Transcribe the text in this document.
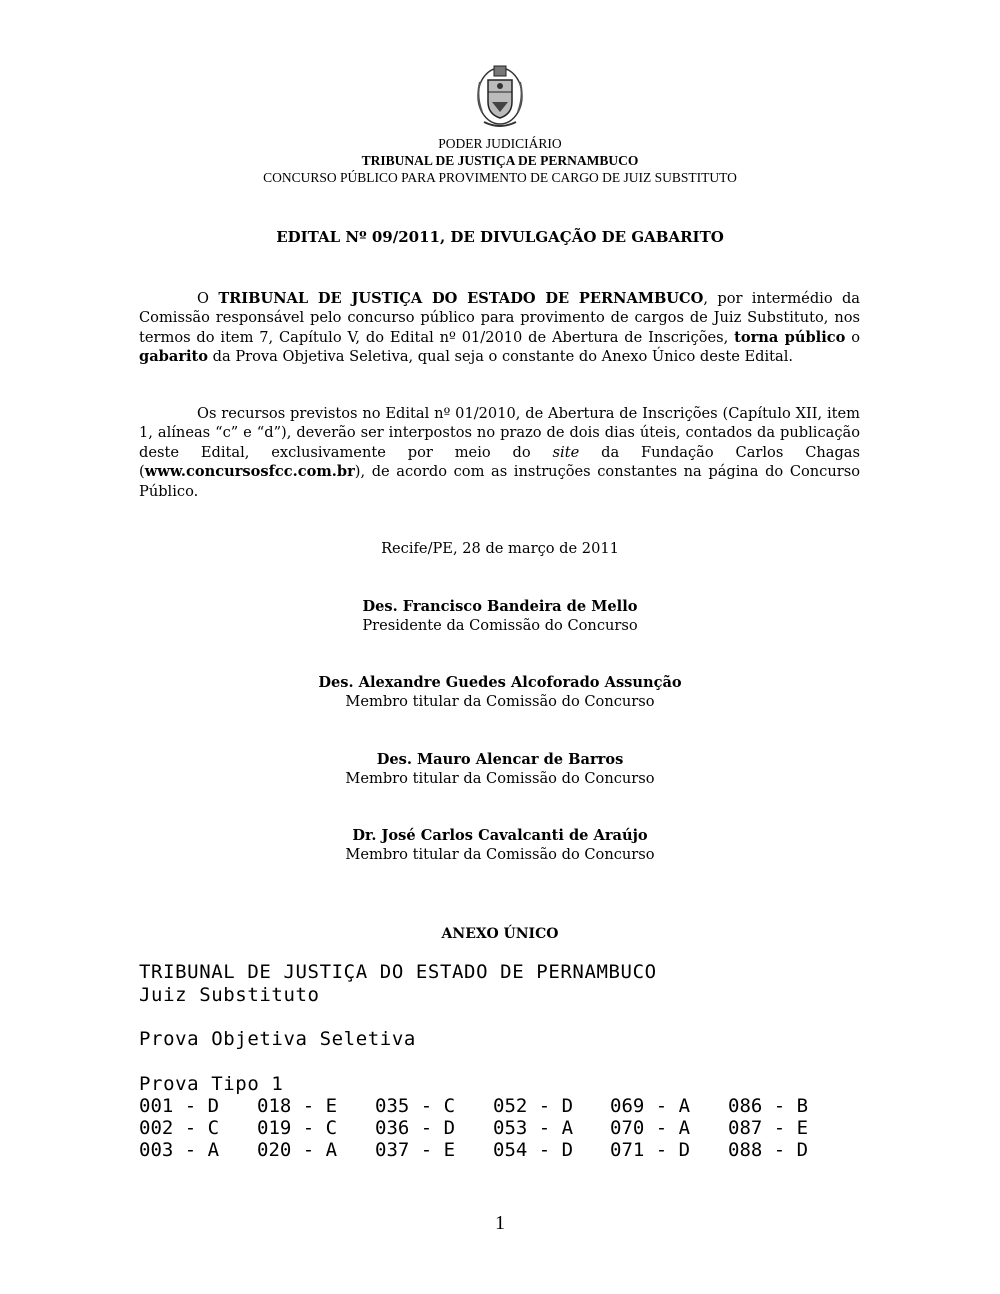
PODER JUDICIÁRIO
TRIBUNAL DE JUSTIÇA DE PERNAMBUCO
CONCURSO PÚBLICO PARA PROVIMENTO DE CARGO DE JUIZ SUBSTITUTO
EDITAL Nº 09/2011, DE DIVULGAÇÃO DE GABARITO

O TRIBUNAL DE JUSTIÇA DO ESTADO DE PERNAMBUCO, por intermédio da Comissão responsável pelo concurso público para provimento de cargos de Juiz Substituto, nos termos do item 7, Capítulo V, do Edital nº 01/2010 de Abertura de Inscrições, torna público o gabarito da Prova Objetiva Seletiva, qual seja o constante do Anexo Único deste Edital.

Os recursos previstos no Edital nº 01/2010, de Abertura de Inscrições (Capítulo XII, item 1, alíneas “c” e “d”), deverão ser interpostos no prazo de dois dias úteis, contados da publicação deste Edital, exclusivamente por meio do site da Fundação Carlos Chagas (www.concursosfcc.com.br), de acordo com as instruções constantes na página do Concurso Público.

Recife/PE, 28 de março de 2011
Des. Francisco Bandeira de Mello
Presidente da Comissão do Concurso
Des. Alexandre Guedes Alcoforado Assunção
Membro titular da Comissão do Concurso
Des. Mauro Alencar de Barros
Membro titular da Comissão do Concurso
Dr. José Carlos Cavalcanti de Araújo
Membro titular da Comissão do Concurso
ANEXO ÚNICO
TRIBUNAL DE JUSTIÇA DO ESTADO DE PERNAMBUCO
Juiz Substituto
Prova Objetiva Seletiva
Prova Tipo 1
001 - D 018 - E 035 - C 052 - D 069 - A 086 - B
002 - C 019 - C 036 - D 053 - A 070 - A 087 - E
003 - A 020 - A 037 - E 054 - D 071 - D 088 - D
1
